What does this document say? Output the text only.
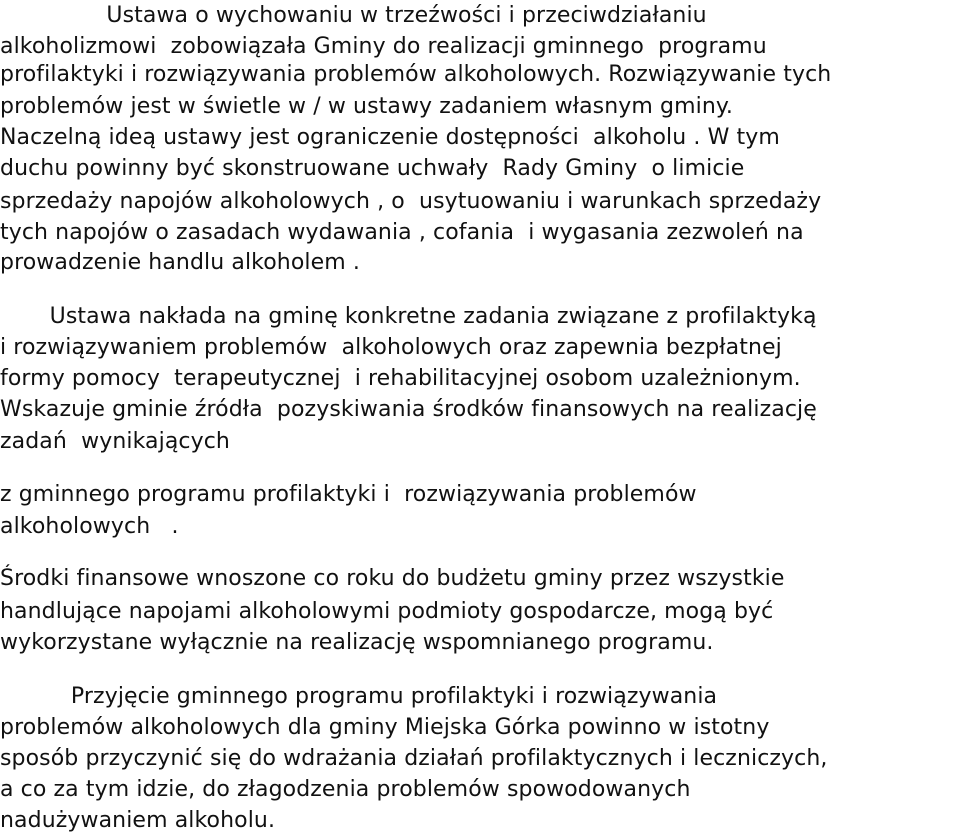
Ustawa o wychowaniu w trzeźwości i przeciwdziałaniu
alkoholizmowi  zobowiązała Gminy do realizacji gminnego  programu
profilaktyki i rozwiązywania problemów alkoholowych. Rozwiązywanie tych
problemów jest w świetle w / w ustawy zadaniem własnym gminy.
Naczelną ideą ustawy jest ograniczenie dostępności  alkoholu . W tym
duchu powinny być skonstruowane uchwały  Rady Gminy  o limicie
sprzedaży napojów alkoholowych , o  usytuowaniu i warunkach sprzedaży
tych napojów o zasadach wydawania , cofania  i wygasania zezwoleń na
prowadzenie handlu alkoholem .
Ustawa nakłada na gminę konkretne zadania związane z profilaktyką
i rozwiązywaniem problemów  alkoholowych oraz zapewnia bezpłatnej
formy pomocy  terapeutycznej  i rehabilitacyjnej osobom uzależnionym.
Wskazuje gminie źródła  pozyskiwania środków finansowych na realizację
zadań  wynikających
z gminnego programu profilaktyki i  rozwiązywania problemów
alkoholowych   .
Środki finansowe wnoszone co roku do budżetu gminy przez wszystkie
handlujące napojami alkoholowymi podmioty gospodarcze, mogą być
wykorzystane wyłącznie na realizację wspomnianego programu.
Przyjęcie gminnego programu profilaktyki i rozwiązywania
problemów alkoholowych dla gminy Miejska Górka powinno w istotny
sposób przyczynić się do wdrażania działań profilaktycznych i leczniczych,
a co za tym idzie, do złagodzenia problemów spowodowanych
nadużywaniem alkoholu.
